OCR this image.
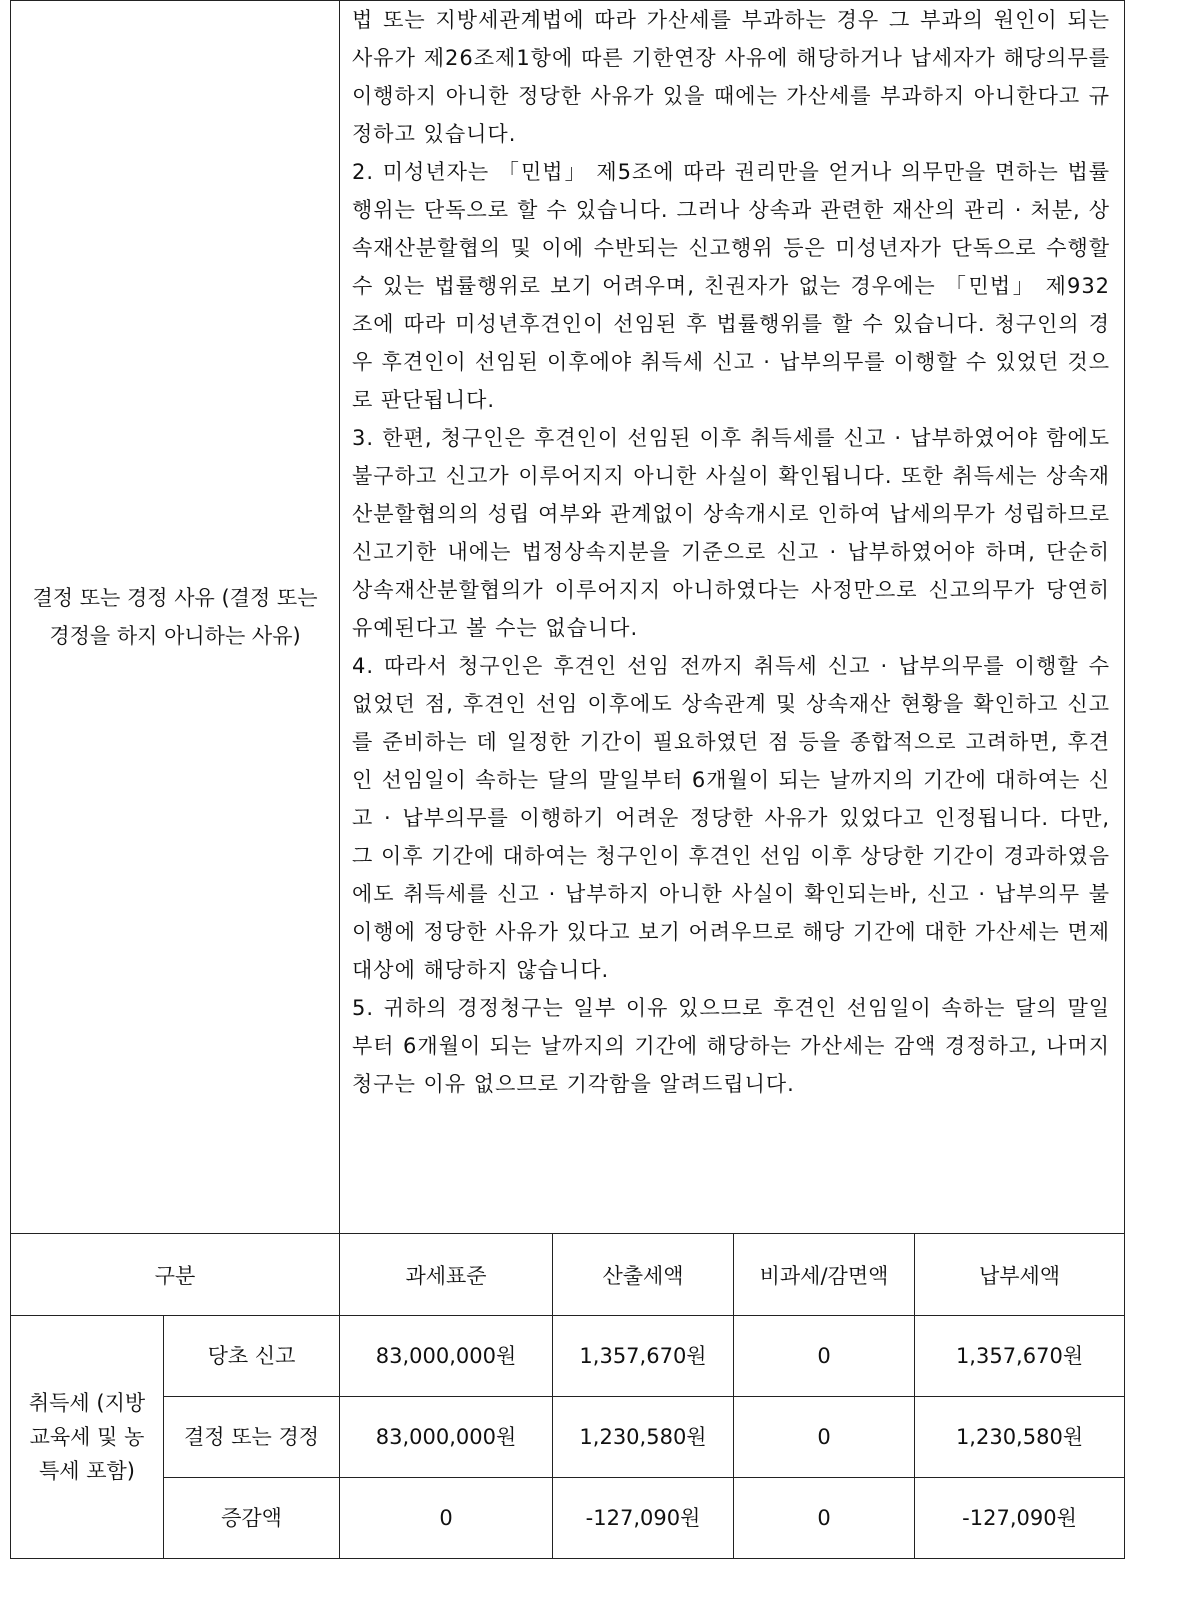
결정 또는 경정 사유 (결정 또는 경정을 하지 아니하는 사유)		법 또는 지방세관계법에 따라 가산세를 부과하는 경우 그 부과의 원인이 되는 사유가 제26조제1항에 따른 기한연장 사유에 해당하거나 납세자가 해당의무를 이행하지 아니한 정당한 사유가 있을 때에는 가산세를 부과하지 아니한다고 규정하고 있습니다.

2. 미성년자는 「민법」 제5조에 따라 권리만을 얻거나 의무만을 면하는 법률행위는 단독으로 할 수 있습니다. 그러나 상속과 관련한 재산의 관리 · 처분, 상속재산분할협의 및 이에 수반되는 신고행위 등은 미성년자가 단독으로 수행할 수 있는 법률행위로 보기 어려우며, 친권자가 없는 경우에는 「민법」 제932조에 따라 미성년후견인이 선임된 후 법률행위를 할 수 있습니다. 청구인의 경우 후견인이 선임된 이후에야 취득세 신고 · 납부의무를 이행할 수 있었던 것으로 판단됩니다.

3. 한편, 청구인은 후견인이 선임된 이후 취득세를 신고 · 납부하였어야 함에도 불구하고 신고가 이루어지지 아니한 사실이 확인됩니다. 또한 취득세는 상속재산분할협의의 성립 여부와 관계없이 상속개시로 인하여 납세의무가 성립하므로 신고기한 내에는 법정상속지분을 기준으로 신고 · 납부하였어야 하며, 단순히 상속재산분할협의가 이루어지지 아니하였다는 사정만으로 신고의무가 당연히 유예된다고 볼 수는 없습니다.

4. 따라서 청구인은 후견인 선임 전까지 취득세 신고 · 납부의무를 이행할 수 없었던 점, 후견인 선임 이후에도 상속관계 및 상속재산 현황을 확인하고 신고를 준비하는 데 일정한 기간이 필요하였던 점 등을 종합적으로 고려하면, 후견인 선임일이 속하는 달의 말일부터 6개월이 되는 날까지의 기간에 대하여는 신고 · 납부의무를 이행하기 어려운 정당한 사유가 있었다고 인정됩니다. 다만, 그 이후 기간에 대하여는 청구인이 후견인 선임 이후 상당한 기간이 경과하였음에도 취득세를 신고 · 납부하지 아니한 사실이 확인되는바, 신고 · 납부의무 불이행에 정당한 사유가 있다고 보기 어려우므로 해당 기간에 대한 가산세는 면제 대상에 해당하지 않습니다.

5. 귀하의 경정청구는 일부 이유 있으므로 후견인 선임일이 속하는 달의 말일부터 6개월이 되는 날까지의 기간에 해당하는 가산세는 감액 경정하고, 나머지 청구는 이유 없으므로 기각함을 알려드립니다.			

구분		과세표준	산출세액	비과세/감면액	납부세액
취득세 (지방교육세 및 농특세 포함)	당초 신고	83,000,000원	1,357,670원	0	1,357,670원
	결정 또는 경정	83,000,000원	1,230,580원	0	1,230,580원
	증감액	0	-127,090원	0	-127,090원
